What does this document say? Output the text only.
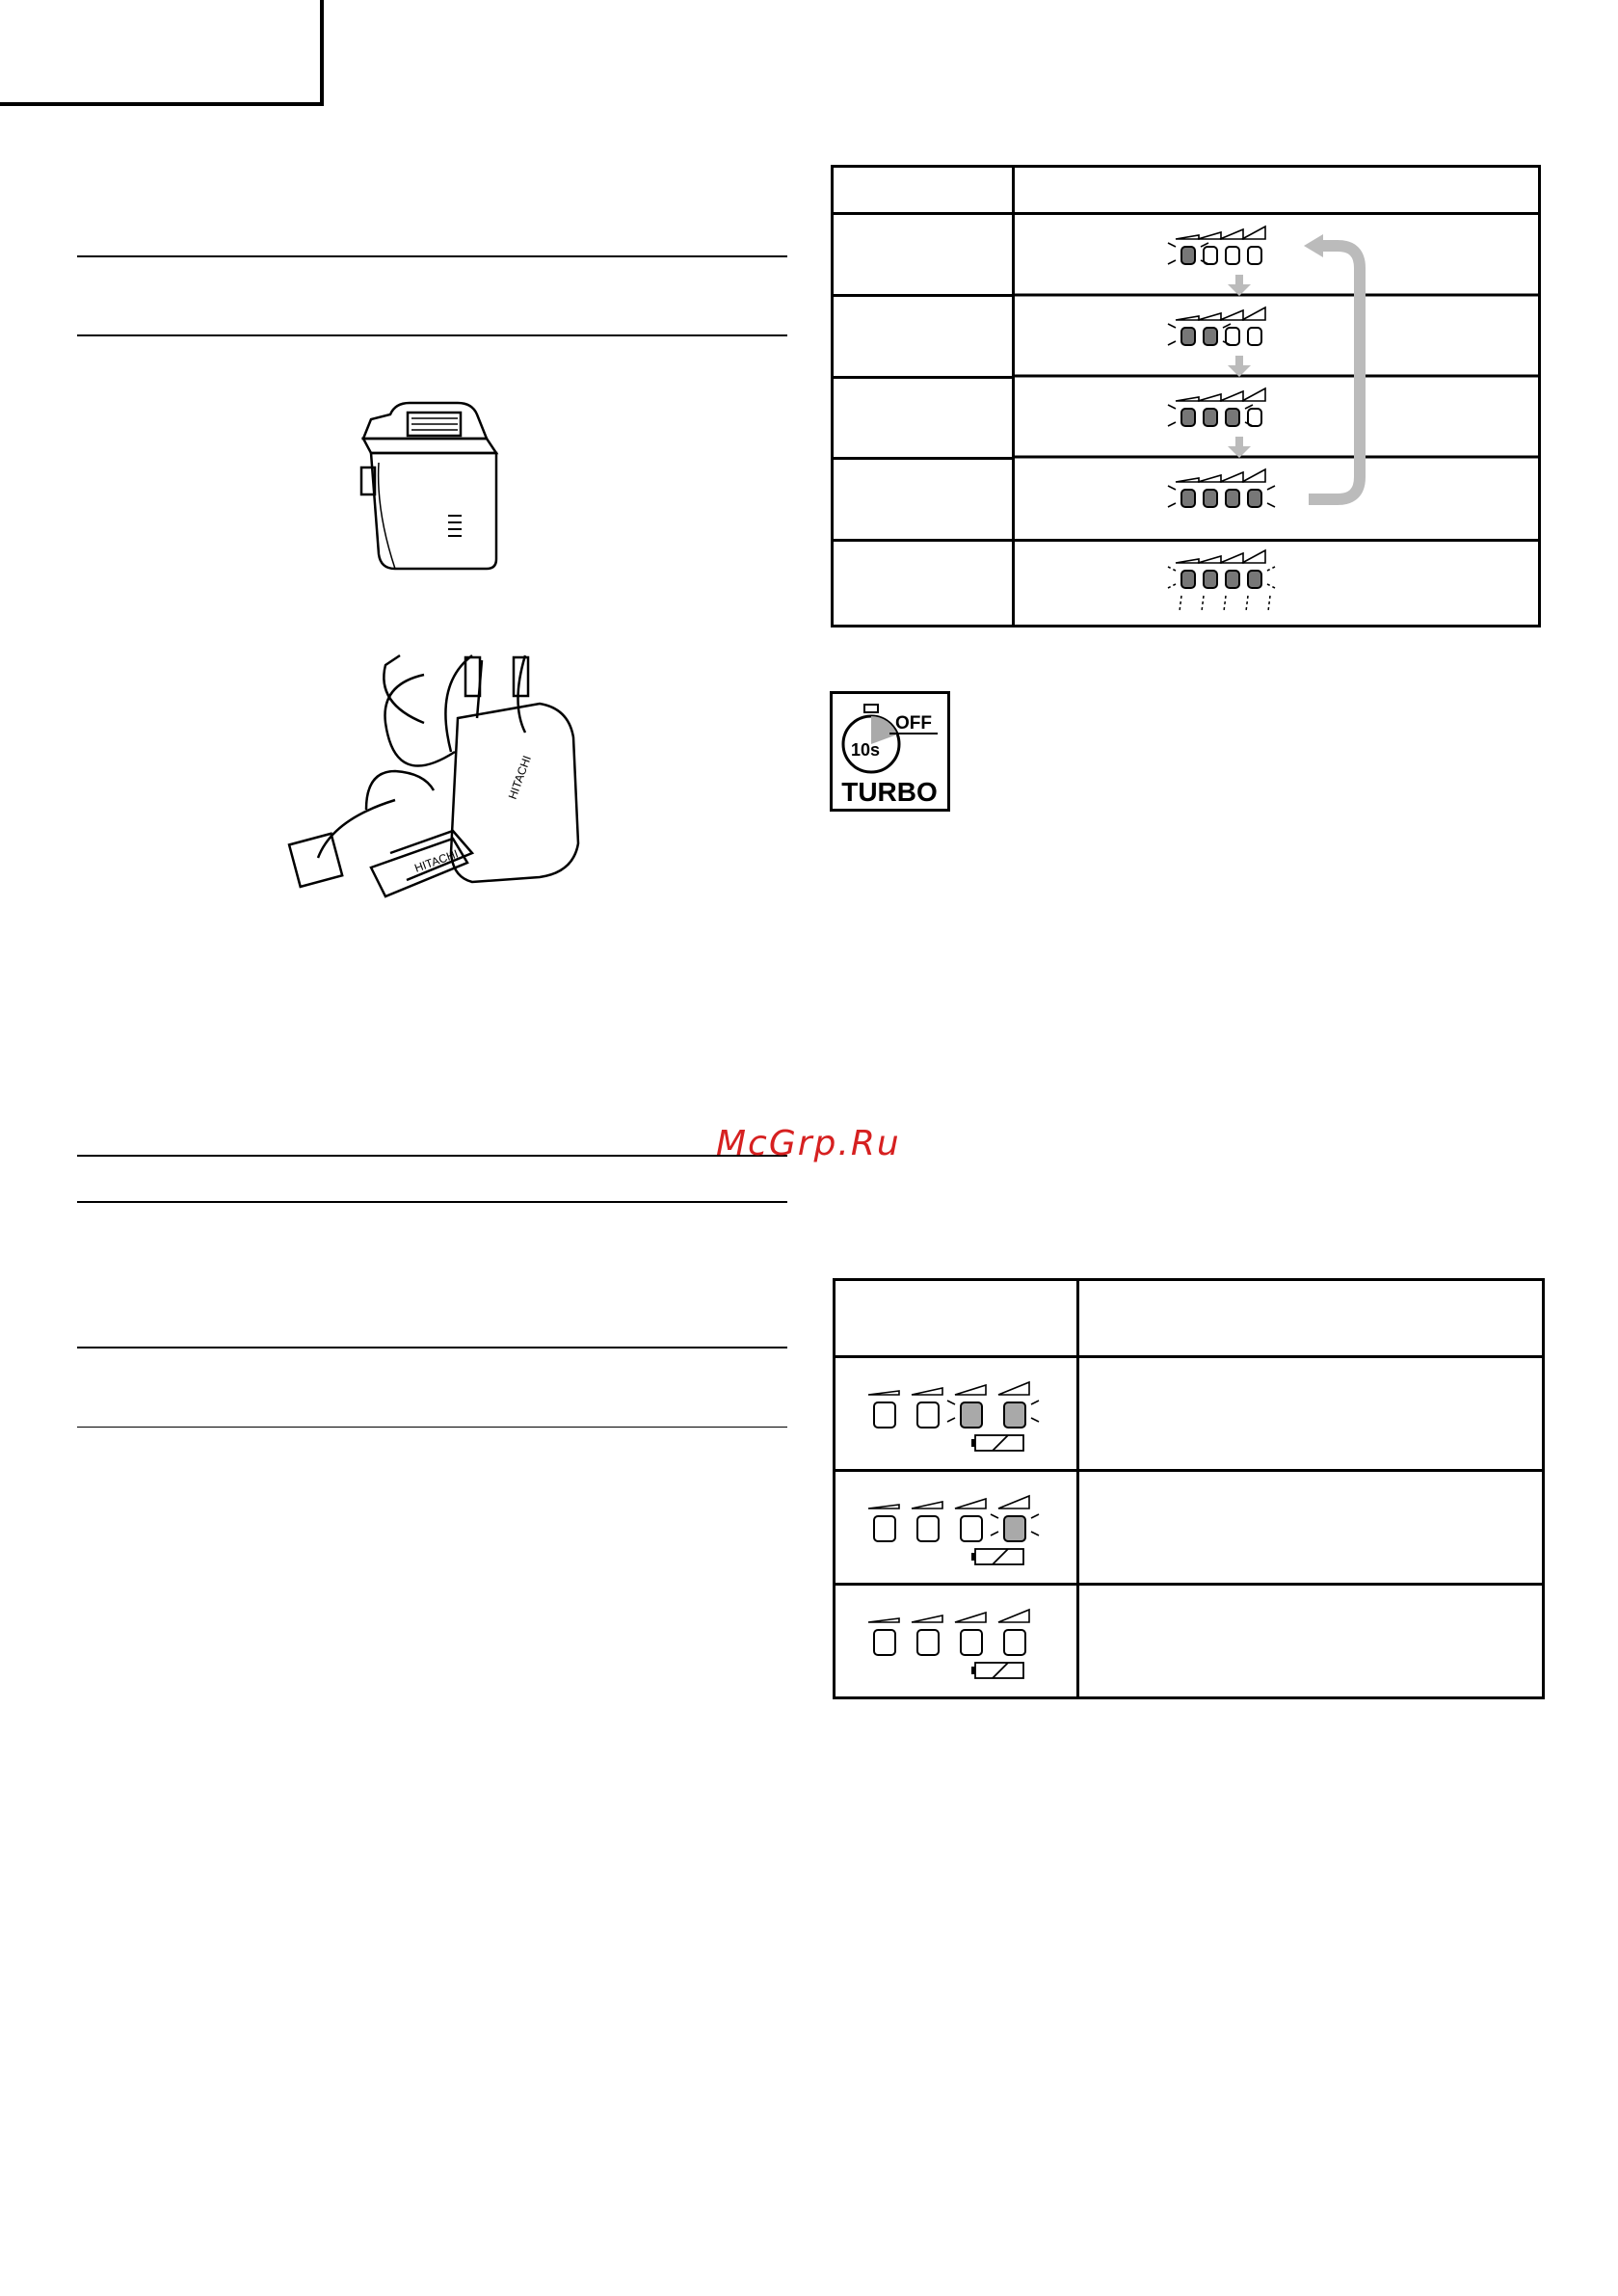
HITACHI
HITACHI
McGrp.Ru

OFF
10s
TURBO
